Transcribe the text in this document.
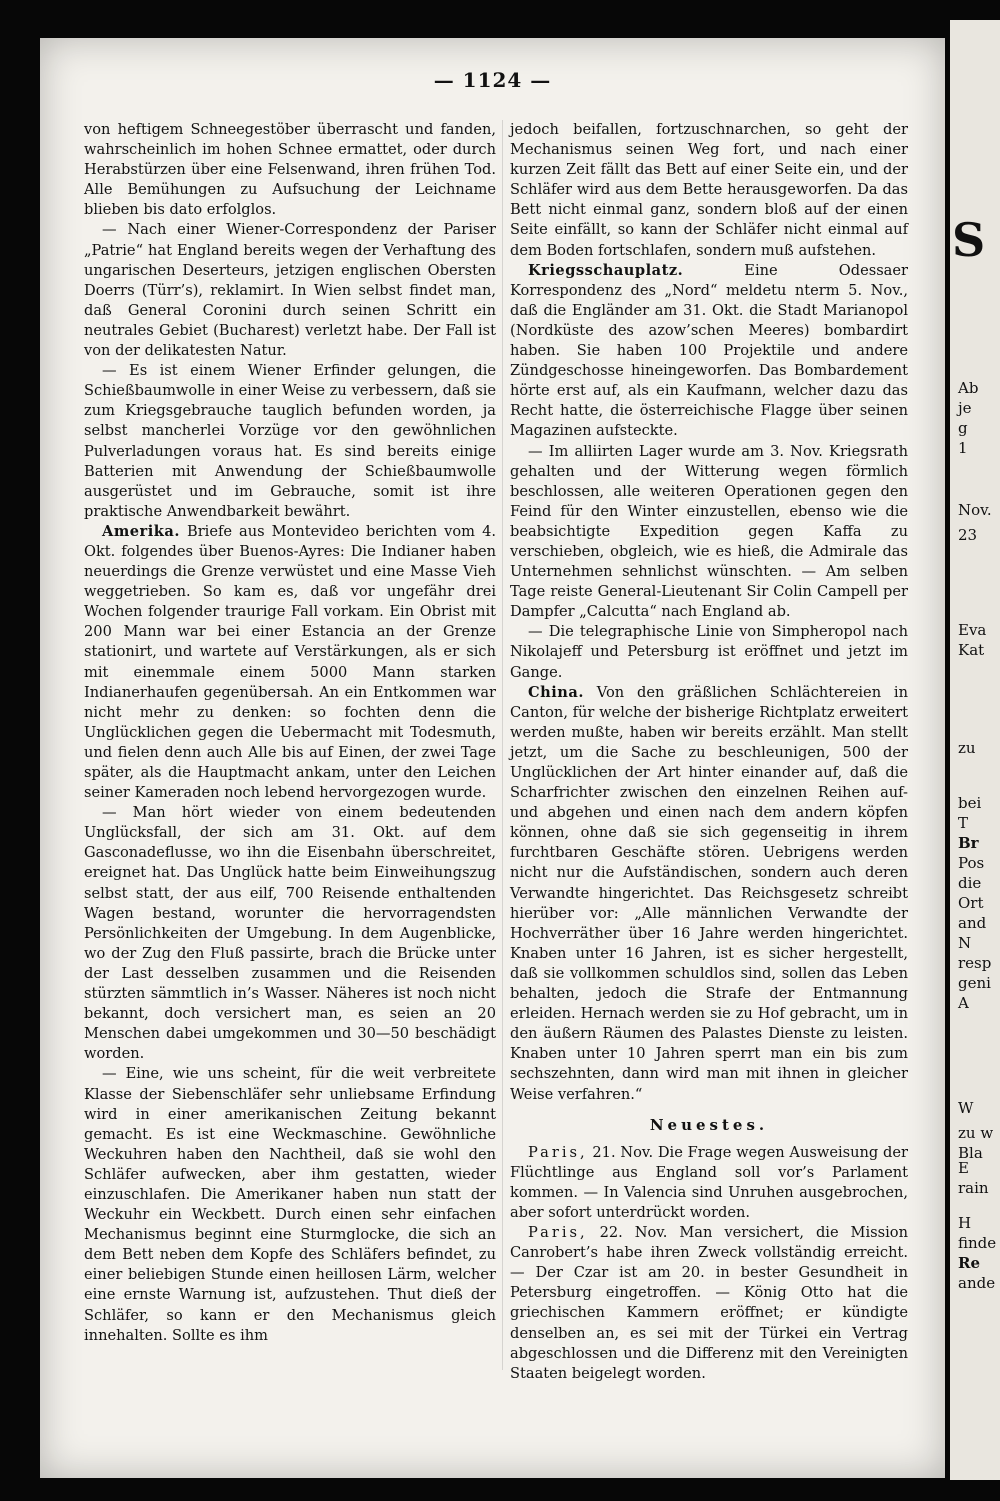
— 1124 —

von heftigem Schneegestöber überrascht und fanden, wahrscheinlich im hohen Schnee ermattet, oder durch Herabstürzen über eine Felsenwand, ihren frühen Tod. Alle Bemühungen zu Aufsuchung der Leichname blieben bis dato erfolglos.

— Nach einer Wiener-Correspondenz der Pariser „Patrie“ hat England bereits wegen der Verhaftung des ungarischen Deserteurs, jetzigen englischen Obersten Doerrs (Türr’s), reklamirt. In Wien selbst findet man, daß General Coronini durch seinen Schritt ein neutrales Gebiet (Bucharest) verletzt habe. Der Fall ist von der delikatesten Natur.

— Es ist einem Wiener Erfinder gelungen, die Schießbaumwolle in einer Weise zu verbessern, daß sie zum Kriegsgebrauche tauglich befunden worden, ja selbst mancherlei Vorzüge vor den gewöhnlichen Pulverladungen voraus hat. Es sind bereits einige Batterien mit Anwendung der Schießbaumwolle ausgerüstet und im Gebrauche, somit ist ihre praktische Anwendbarkeit bewährt.

Amerika. Briefe aus Montevideo berichten vom 4. Okt. folgendes über Buenos-Ayres: Die Indianer haben neuerdings die Grenze verwüstet und eine Masse Vieh weggetrieben. So kam es, daß vor ungefähr drei Wochen folgender traurige Fall vorkam. Ein Obrist mit 200 Mann war bei einer Estancia an der Grenze stationirt, und wartete auf Verstärkungen, als er sich mit einemmale einem 5000 Mann starken Indianerhaufen gegenübersah. An ein Entkommen war nicht mehr zu denken: so fochten denn die Unglücklichen gegen die Uebermacht mit Todesmuth, und fielen denn auch Alle bis auf Einen, der zwei Tage später, als die Hauptmacht ankam, unter den Leichen seiner Kameraden noch lebend hervorgezogen wurde.

— Man hört wieder von einem bedeutenden Unglücksfall, der sich am 31. Okt. auf dem Gasconadeflusse, wo ihn die Eisenbahn überschreitet, ereignet hat. Das Unglück hatte beim Einweihungszug selbst statt, der aus eilf, 700 Reisende enthaltenden Wagen bestand, worunter die hervorragendsten Persönlichkeiten der Umgebung. In dem Augenblicke, wo der Zug den Fluß passirte, brach die Brücke unter der Last desselben zusammen und die Reisenden stürzten sämmtlich in’s Wasser. Näheres ist noch nicht bekannt, doch versichert man, es seien an 20 Menschen dabei umgekommen und 30—50 beschädigt worden.

— Eine, wie uns scheint, für die weit verbreitete Klasse der Siebenschläfer sehr unliebsame Erfindung wird in einer amerikanischen Zeitung bekannt gemacht. Es ist eine Weckmaschine. Gewöhnliche Weckuhren haben den Nachtheil, daß sie wohl den Schläfer aufwecken, aber ihm gestatten, wieder einzuschlafen. Die Amerikaner haben nun statt der Weckuhr ein Weckbett. Durch einen sehr einfachen Mechanismus beginnt eine Sturmglocke, die sich an dem Bett neben dem Kopfe des Schläfers befindet, zu einer beliebigen Stunde einen heillosen Lärm, welcher eine ernste Warnung ist, aufzustehen. Thut dieß der Schläfer, so kann er den Mechanismus gleich innehalten. Sollte es ihm

jedoch beifallen, fortzuschnarchen, so geht der Mechanismus seinen Weg fort, und nach einer kurzen Zeit fällt das Bett auf einer Seite ein, und der Schläfer wird aus dem Bette herausgeworfen. Da das Bett nicht einmal ganz, sondern bloß auf der einen Seite einfällt, so kann der Schläfer nicht einmal auf dem Boden fortschlafen, sondern muß aufstehen.

Kriegsschauplatz. Eine Odessaer Korrespondenz des „Nord“ meldetu nterm 5. Nov., daß die Engländer am 31. Okt. die Stadt Marianopol (Nordküste des azow’schen Meeres) bombardirt haben. Sie haben 100 Projektile und andere Zündgeschosse hineingeworfen. Das Bombardement hörte erst auf, als ein Kaufmann, welcher dazu das Recht hatte, die österreichische Flagge über seinen Magazinen aufsteckte.

— Im alliirten Lager wurde am 3. Nov. Kriegsrath gehalten und der Witterung wegen förmlich beschlossen, alle weiteren Operationen gegen den Feind für den Winter einzustellen, ebenso wie die beabsichtigte Expedition gegen Kaffa zu verschieben, obgleich, wie es hieß, die Admirale das Unternehmen sehnlichst wünschten. — Am selben Tage reiste General-Lieutenant Sir Colin Campell per Dampfer „Calcutta“ nach England ab.

— Die telegraphische Linie von Simpheropol nach Nikolajeff und Petersburg ist eröffnet und jetzt im Gange.

China. Von den gräßlichen Schlächtereien in Canton, für welche der bisherige Richtplatz erweitert werden mußte, haben wir bereits erzählt. Man stellt jetzt, um die Sache zu beschleunigen, 500 der Unglücklichen der Art hinter einander auf, daß die Scharfrichter zwischen den einzelnen Reihen auf- und abgehen und einen nach dem andern köpfen können, ohne daß sie sich gegenseitig in ihrem furchtbaren Geschäfte stören. Uebrigens werden nicht nur die Aufständischen, sondern auch deren Verwandte hingerichtet. Das Reichsgesetz schreibt hierüber vor: „Alle männlichen Verwandte der Hochverräther über 16 Jahre werden hingerichtet. Knaben unter 16 Jahren, ist es sicher hergestellt, daß sie vollkommen schuldlos sind, sollen das Leben behalten, jedoch die Strafe der Entmannung erleiden. Hernach werden sie zu Hof gebracht, um in den äußern Räumen des Palastes Dienste zu leisten. Knaben unter 10 Jahren sperrt man ein bis zum sechszehnten, dann wird man mit ihnen in gleicher Weise verfahren.“

Neuestes.

Paris, 21. Nov. Die Frage wegen Ausweisung der Flüchtlinge aus England soll vor’s Parlament kommen. — In Valencia sind Unruhen ausgebrochen, aber sofort unterdrückt worden.

Paris, 22. Nov. Man versichert, die Mission Canrobert’s habe ihren Zweck vollständig erreicht. — Der Czar ist am 20. in bester Gesundheit in Petersburg eingetroffen. — König Otto hat die griechischen Kammern eröffnet; er kündigte denselben an, es sei mit der Türkei ein Vertrag abgeschlossen und die Differenz mit den Vereinigten Staaten beigelegt worden.

S
Ab
je
g
1
Nov.
23
Eva
Kat
zu
bei
T
Br
Pos
die
Ort
and
N
resp
geni
A
W
zu w
Bla
E
rain
H
finde
Re
ande
